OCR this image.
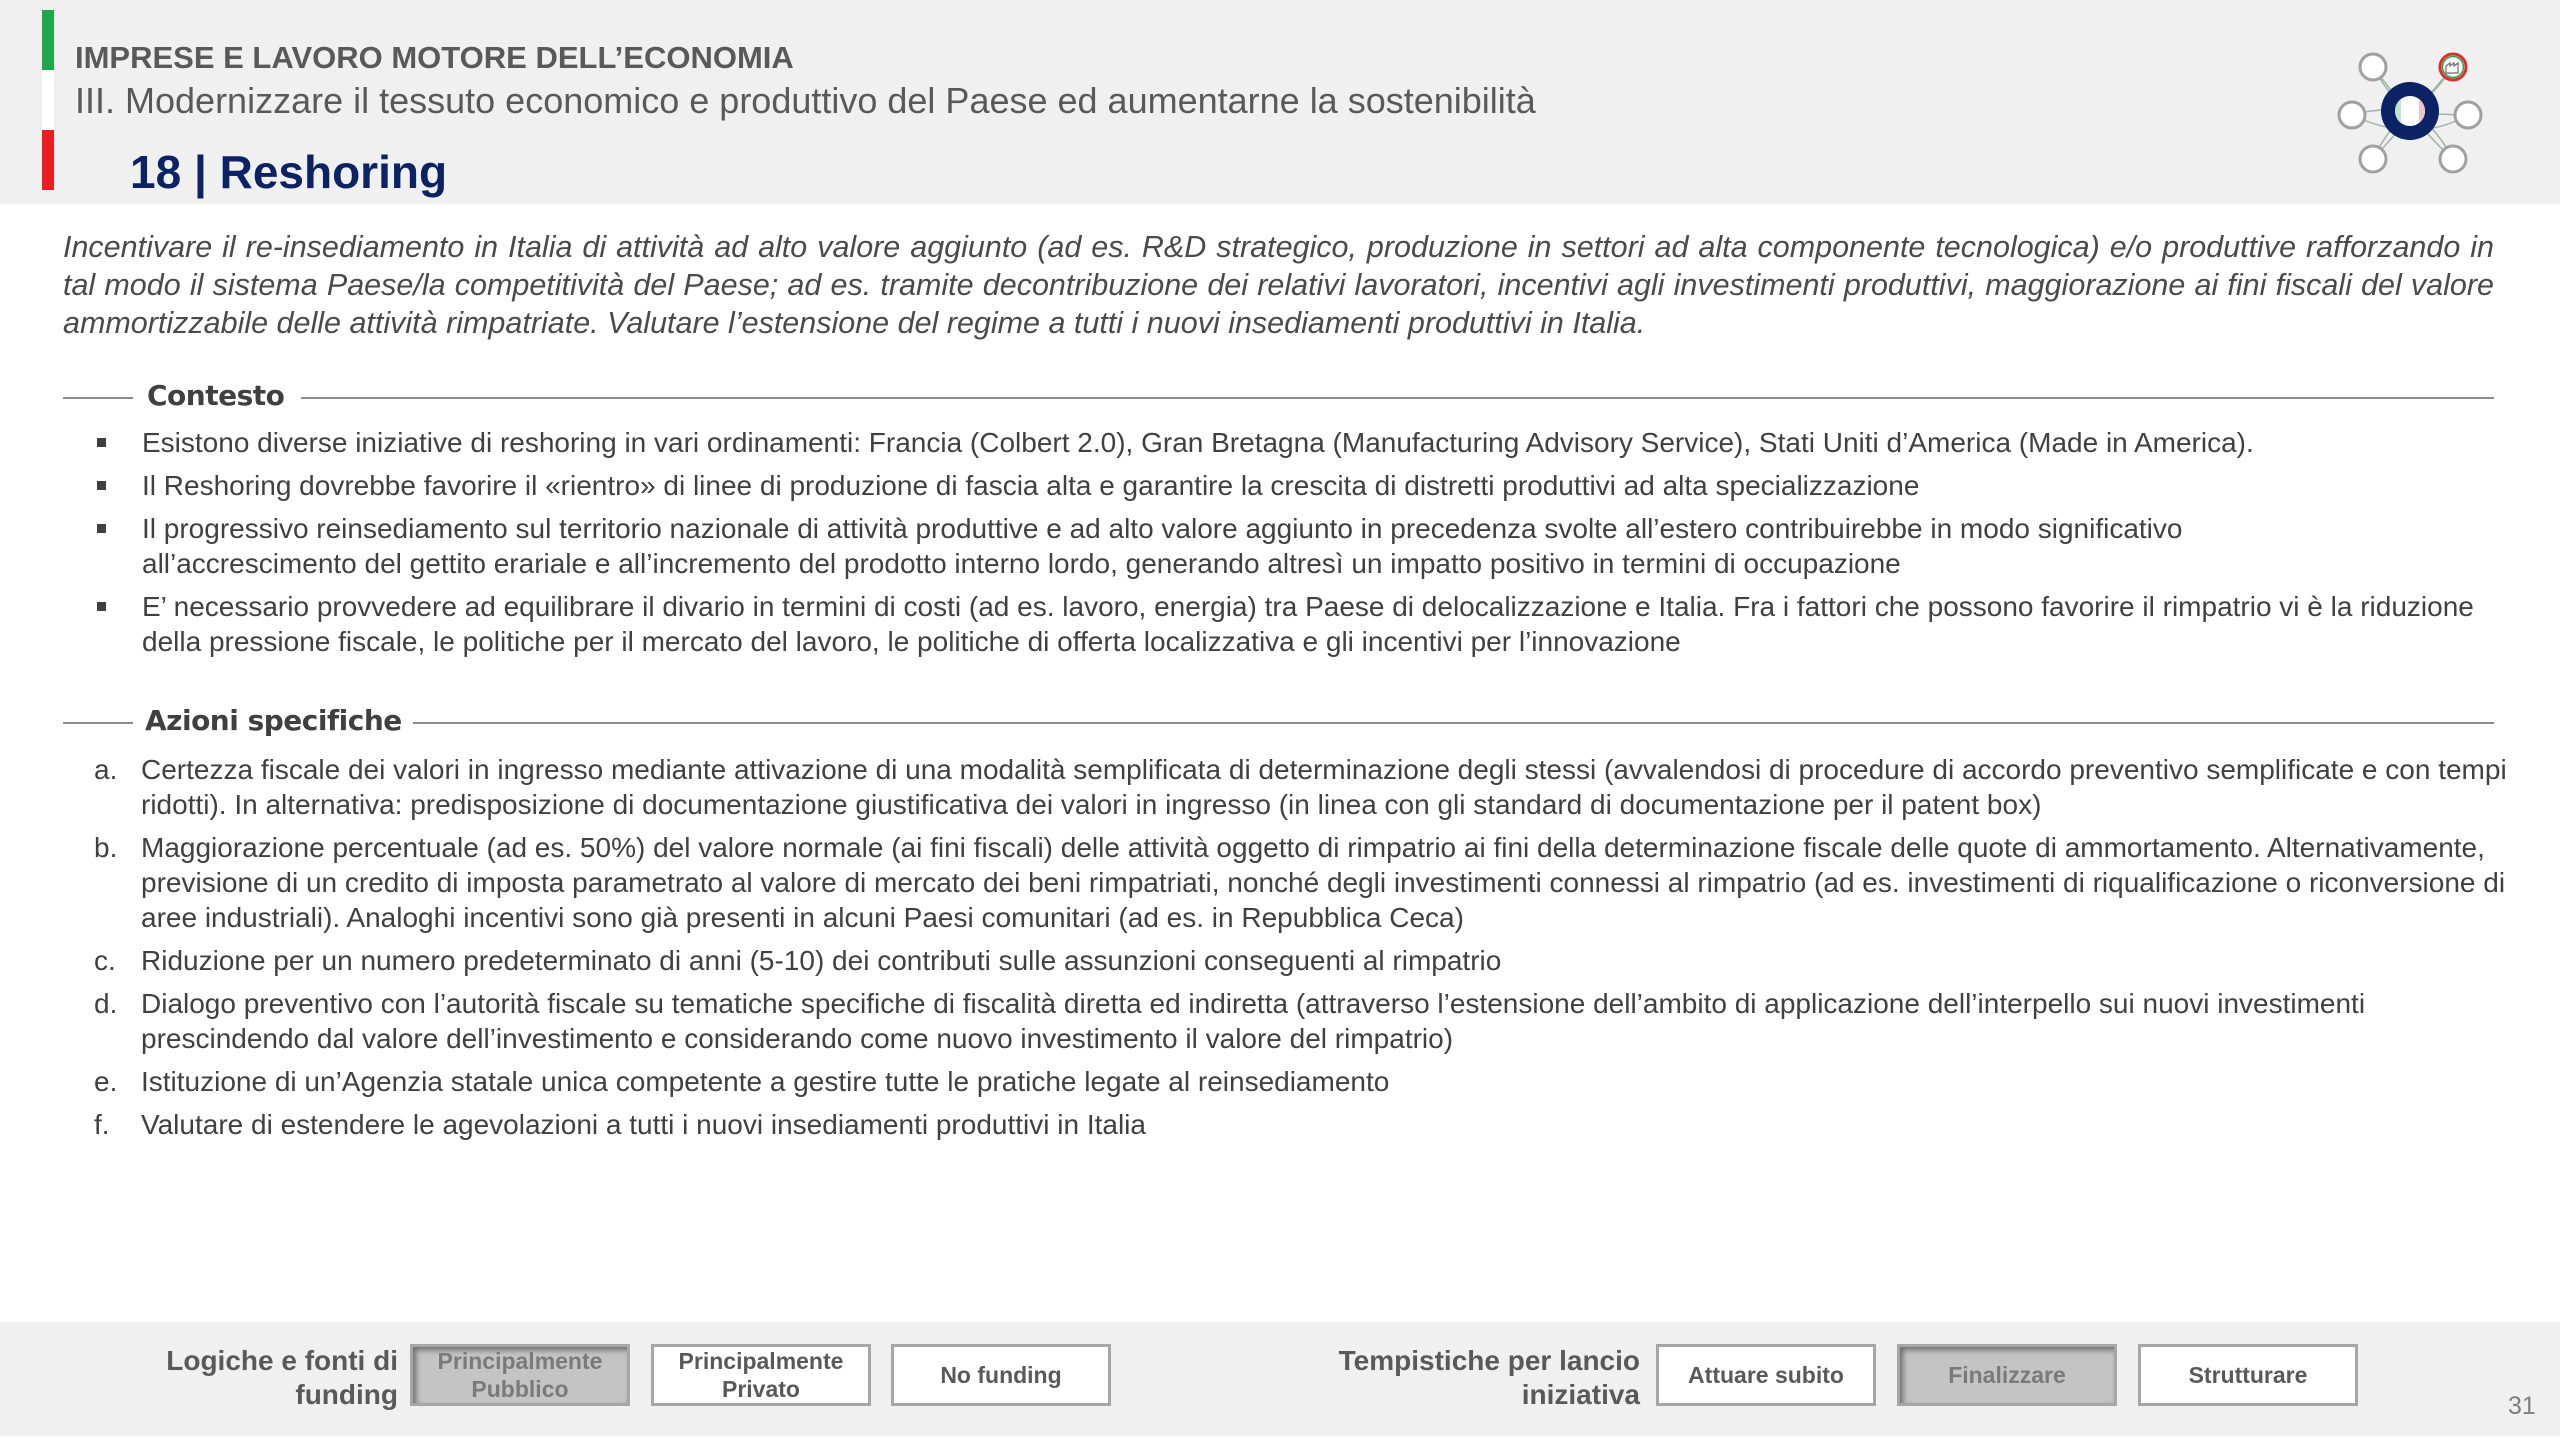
IMPRESE E LAVORO MOTORE DELL’ECONOMIA
III. Modernizzare il tessuto economico e produttivo del Paese ed aumentarne la sostenibilità
18 | Reshoring

Incentivare il re-insediamento in Italia di attività ad alto valore aggiunto (ad es. R&D strategico, produzione in settori ad alta componente tecnologica) e/o produttive rafforzando in tal modo il sistema Paese/la competitività del Paese; ad es. tramite decontribuzione dei relativi lavoratori, incentivi agli investimenti produttivi, maggiorazione ai fini fiscali del valore ammortizzabile delle attività rimpatriate. Valutare l’estensione del regime a tutti i nuovi insediamenti produttivi in Italia.

Contesto
Esistono diverse iniziative di reshoring in vari ordinamenti: Francia (Colbert 2.0), Gran Bretagna (Manufacturing Advisory Service), Stati Uniti d’America (Made in America).
Il Reshoring dovrebbe favorire il «rientro» di linee di produzione di fascia alta e garantire la crescita di distretti produttivi ad alta specializzazione
Il progressivo reinsediamento sul territorio nazionale di attività produttive e ad alto valore aggiunto in precedenza svolte all’estero contribuirebbe in modo significativo all’accrescimento del gettito erariale e all’incremento del prodotto interno lordo, generando altresì un impatto positivo in termini di occupazione
E’ necessario provvedere ad equilibrare il divario in termini di costi (ad es. lavoro, energia) tra Paese di delocalizzazione e Italia. Fra i fattori che possono favorire il rimpatrio vi è la riduzione della pressione fiscale, le politiche per il mercato del lavoro, le politiche di offerta localizzativa e gli incentivi per l’innovazione
Azioni specifiche
a. Certezza fiscale dei valori in ingresso mediante attivazione di una modalità semplificata di determinazione degli stessi (avvalendosi di procedure di accordo preventivo semplificate e con tempi ridotti). In alternativa: predisposizione di documentazione giustificativa dei valori in ingresso (in linea con gli standard di documentazione per il patent box)
b. Maggiorazione percentuale (ad es. 50%) del valore normale (ai fini fiscali) delle attività oggetto di rimpatrio ai fini della determinazione fiscale delle quote di ammortamento. Alternativamente, previsione di un credito di imposta parametrato al valore di mercato dei beni rimpatriati, nonché degli investimenti connessi al rimpatrio (ad es. investimenti di riqualificazione o riconversione di aree industriali). Analoghi incentivi sono già presenti in alcuni Paesi comunitari (ad es. in Repubblica Ceca)
c. Riduzione per un numero predeterminato di anni (5-10) dei contributi sulle assunzioni conseguenti al rimpatrio
d. Dialogo preventivo con l’autorità fiscale su tematiche specifiche di fiscalità diretta ed indiretta (attraverso l’estensione dell’ambito di applicazione dell’interpello sui nuovi investimenti prescindendo dal valore dell’investimento e considerando come nuovo investimento il valore del rimpatrio)
e. Istituzione di un’Agenzia statale unica competente a gestire tutte le pratiche legate al reinsediamento
f. Valutare di estendere le agevolazioni a tutti i nuovi insediamenti produttivi in Italia
Logiche e fonti di
funding
Principalmente
Pubblico
Principalmente
Privato
No funding	Tempistiche per lancio
iniziativa
Attuare subito	Finalizzare	Strutturare
31
